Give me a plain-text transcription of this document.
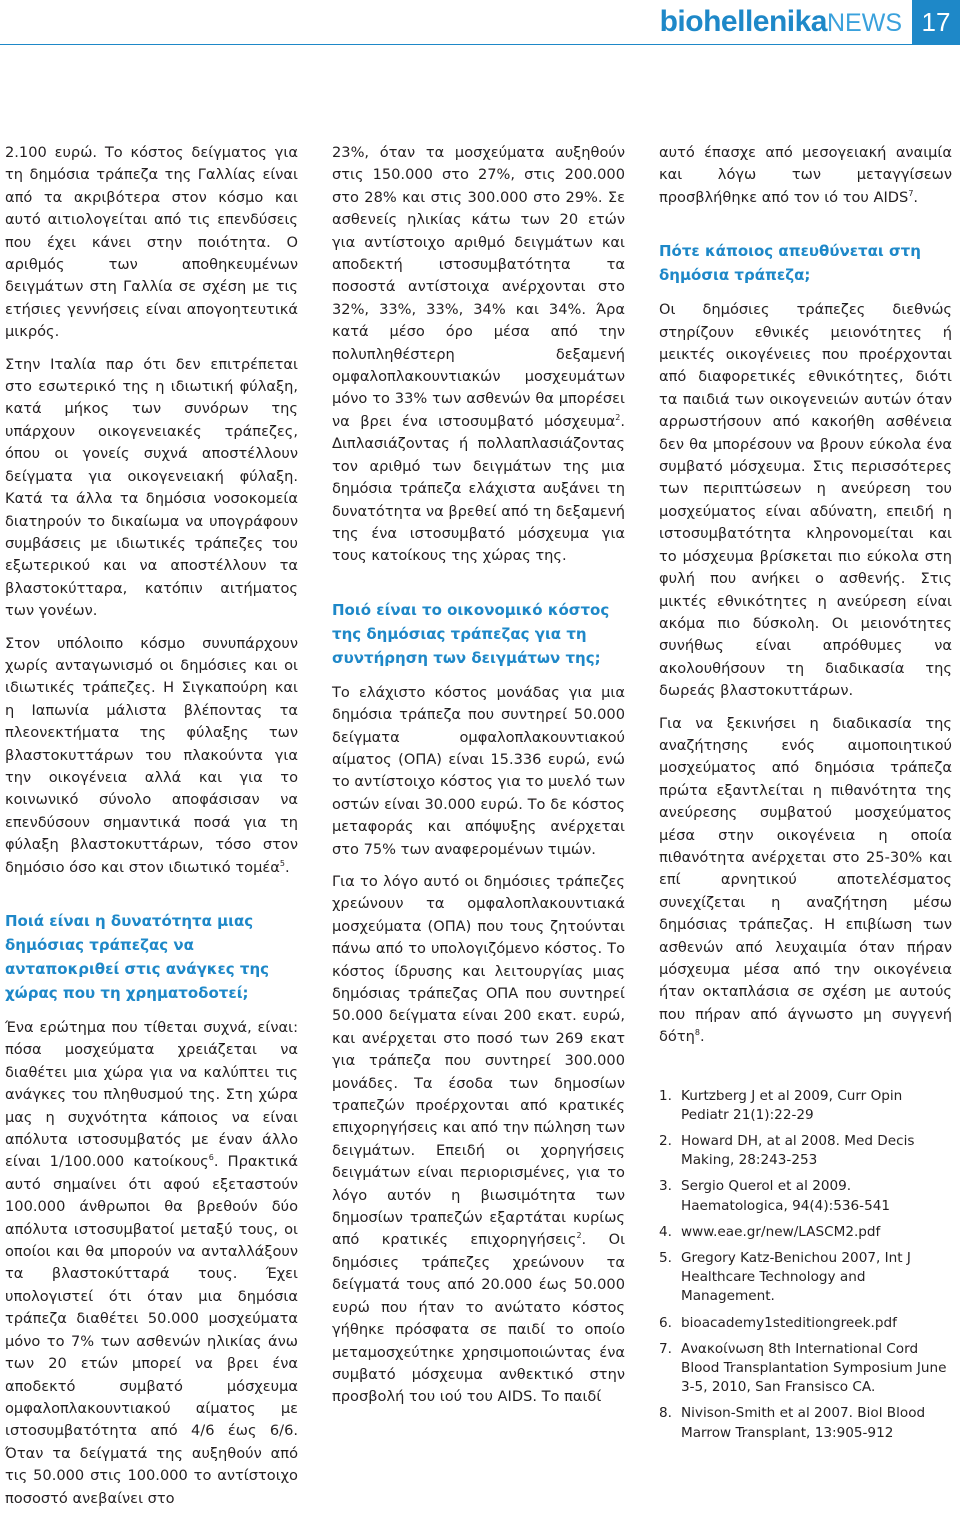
biohellenikaNEWS 17

2.100 ευρώ. Το κόστος δείγματος για τη δημόσια τράπεζα της Γαλλίας είναι από τα ακριβότερα στον κόσμο και αυτό αιτιολογείται από τις επενδύσεις που έχει κάνει στην ποιότητα. Ο αριθμός των αποθηκευμένων δειγμάτων στη Γαλλία σε σχέση με τις ετήσιες γεννήσεις είναι απογοητευτικά μικρός.

Στην Ιταλία παρ ότι δεν επιτρέπεται στο εσωτερικό της η ιδιωτική φύλαξη, κατά μήκος των συνόρων της υπάρχουν οικογενειακές τράπεζες, όπου οι γονείς συχνά αποστέλλουν δείγματα για οικογενειακή φύλαξη. Κατά τα άλλα τα δημόσια νοσοκομεία διατηρούν το δικαίωμα να υπογράφουν συμβάσεις με ιδιωτικές τράπεζες του εξωτερικού και να αποστέλλουν τα βλαστοκύτταρα, κατόπιν αιτήματος των γονέων.

Στον υπόλοιπο κόσμο συνυπάρχουν χωρίς ανταγωνισμό οι δημόσιες και οι ιδιωτικές τράπεζες. Η Σιγκαπούρη και η Ιαπωνία μάλιστα βλέποντας τα πλεονεκτήματα της φύλαξης των βλαστοκυττάρων του πλακούντα για την οικογένεια αλλά και για το κοινωνικό σύνολο αποφάσισαν να επενδύσουν σημαντικά ποσά για τη φύλαξη βλαστοκυττάρων, τόσο στον δημόσιο όσο και στον ιδιωτικό τομέα$^5$.

Ποιά είναι η δυνατότητα μιας δημόσιας τράπεζας να ανταποκριθεί στις ανάγκες της χώρας που τη χρηματοδοτεί;

Ένα ερώτημα που τίθεται συχνά, είναι: πόσα μοσχεύματα χρειάζεται να διαθέτει μια χώρα για να καλύπτει τις ανάγκες του πληθυσμού της. Στη χώρα μας η συχνότητα κάποιος να είναι απόλυτα ιστοσυμβατός με έναν άλλο είναι 1/100.000 κατοίκους$^6$. Πρακτικά αυτό σημαίνει ότι αφού εξεταστούν 100.000 άνθρωποι θα βρεθούν δύο απόλυτα ιστοσυμβατοί μεταξύ τους, οι οποίοι και θα μπορούν να ανταλλάξουν τα βλαστοκύτταρά τους. Έχει υπολογιστεί ότι όταν μια δημόσια τράπεζα διαθέτει 50.000 μοσχεύματα μόνο το 7% των ασθενών ηλικίας άνω των 20 ετών μπορεί να βρει ένα αποδεκτό συμβατό μόσχευμα ομφαλοπλακουντιακού αίματος με ιστοσυμβατότητα από 4/6 έως 6/6. Όταν τα δείγματά της αυξηθούν από τις 50.000 στις 100.000 το αντίστοιχο ποσοστό ανεβαίνει στο

23%, όταν τα μοσχεύματα αυξηθούν στις 150.000 στο 27%, στις 200.000 στο 28% και στις 300.000 στο 29%. Σε ασθενείς ηλικίας κάτω των 20 ετών για αντίστοιχο αριθμό δειγμάτων και αποδεκτή ιστοσυμβατότητα τα ποσοστά αντίστοιχα ανέρχονται στο 32%, 33%, 33%, 34% και 34%. Άρα κατά μέσο όρο μέσα από την πολυπληθέστερη δεξαμενή ομφαλοπλακουντιακών μοσχευμάτων μόνο το 33% των ασθενών θα μπορέσει να βρει ένα ιστοσυμβατό μόσχευμα$^2$. Διπλασιάζοντας ή πολλαπλασιάζοντας τον αριθμό των δειγμάτων της μια δημόσια τράπεζα ελάχιστα αυξάνει τη δυνατότητα να βρεθεί από τη δεξαμενή της ένα ιστοσυμβατό μόσχευμα για τους κατοίκους της χώρας της.

Ποιό είναι το οικονομικό κόστος της δημόσιας τράπεζας για τη συντήρηση των δειγμάτων της;

Το ελάχιστο κόστος μονάδας για μια δημόσια τράπεζα που συντηρεί 50.000 δείγματα ομφαλοπλακουντιακού αίματος (ΟΠΑ) είναι 15.336 ευρώ, ενώ το αντίστοιχο κόστος για το μυελό των οστών είναι 30.000 ευρώ. Το δε κόστος μεταφοράς και απόψυξης ανέρχεται στο 75% των αναφερομένων τιμών.

Για το λόγο αυτό οι δημόσιες τράπεζες χρεώνουν τα ομφαλοπλακουντιακά μοσχεύματα (ΟΠΑ) που τους ζητούνται πάνω από το υπολογιζόμενο κόστος. Το κόστος ίδρυσης και λειτουργίας μιας δημόσιας τράπεζας ΟΠΑ που συντηρεί 50.000 δείγματα είναι 200 εκατ. ευρώ, και ανέρχεται στο ποσό των 269 εκατ για τράπεζα που συντηρεί 300.000 μονάδες. Τα έσοδα των δημοσίων τραπεζών προέρχονται από κρατικές επιχορηγήσεις και από την πώληση των δειγμάτων. Επειδή οι χορηγήσεις δειγμάτων είναι περιορισμένες, για το λόγο αυτόν η βιωσιμότητα των δημοσίων τραπεζών εξαρτάται κυρίως από κρατικές επιχορηγήσεις$^2$. Οι δημόσιες τράπεζες χρεώνουν τα δείγματά τους από 20.000 έως 50.000 ευρώ που ήταν το ανώτατο κόστος γήθηκε πρόσφατα σε παιδί το οποίο μεταμοσχεύτηκε χρησιμοποιώντας ένα συμβατό μόσχευμα ανθεκτικό στην προσβολή του ιού του AIDS. Το παιδί

αυτό έπασχε από μεσογειακή αναιμία και λόγω των μεταγγίσεων προσβλήθηκε από τον ιό του AIDS$^7$.

Πότε κάποιος απευθύνεται στη δημόσια τράπεζα;

Οι δημόσιες τράπεζες διεθνώς στηρίζουν εθνικές μειονότητες ή μεικτές οικογένειες που προέρχονται από διαφορετικές εθνικότητες, διότι τα παιδιά των οικογενειών αυτών όταν αρρωστήσουν από κακοήθη ασθένεια δεν θα μπορέσουν να βρουν εύκολα ένα συμβατό μόσχευμα. Στις περισσότερες των περιπτώσεων η ανεύρεση του μοσχεύματος είναι αδύνατη, επειδή η ιστοσυμβατότητα κληρονομείται και το μόσχευμα βρίσκεται πιο εύκολα στη φυλή που ανήκει ο ασθενής. Στις μικτές εθνικότητες η ανεύρεση είναι ακόμα πιο δύσκολη. Οι μειονότητες συνήθως είναι απρόθυμες να ακολουθήσουν τη διαδικασία της δωρεάς βλαστοκυττάρων.

Για να ξεκινήσει η διαδικασία της αναζήτησης ενός αιμοποιητικού μοσχεύματος από δημόσια τράπεζα πρώτα εξαντλείται η πιθανότητα της ανεύρεσης συμβατού μοσχεύματος μέσα στην οικογένεια η οποία πιθανότητα ανέρχεται στο 25-30% και επί αρνητικού αποτελέσματος συνεχίζεται η αναζήτηση μέσω δημόσιας τράπεζας. Η επιβίωση των ασθενών από λευχαιμία όταν πήραν μόσχευμα μέσα από την οικογένεια ήταν οκταπλάσια σε σχέση με αυτούς που πήραν από άγνωστο μη συγγενή δότη$^8$.

1. Kurtzberg J et al 2009, Curr Opin Pediatr 21(1):22-29
2. Howard DH, at al 2008. Med Decis Making, 28:243-253
3. Sergio Querol et al 2009. Haematologica, 94(4):536-541
4. www.eae.gr/new/LASCM2.pdf
5. Gregory Katz-Benichou 2007, Int J Healthcare Technology and Management.
6. bioacademy1steditiongreek.pdf
7. Ανακοίνωση 8th International Cord Blood Transplantation Symposium June 3-5, 2010, San Fransisco CA.
8. Nivison-Smith et al 2007. Biol Blood Marrow Transplant, 13:905-912
